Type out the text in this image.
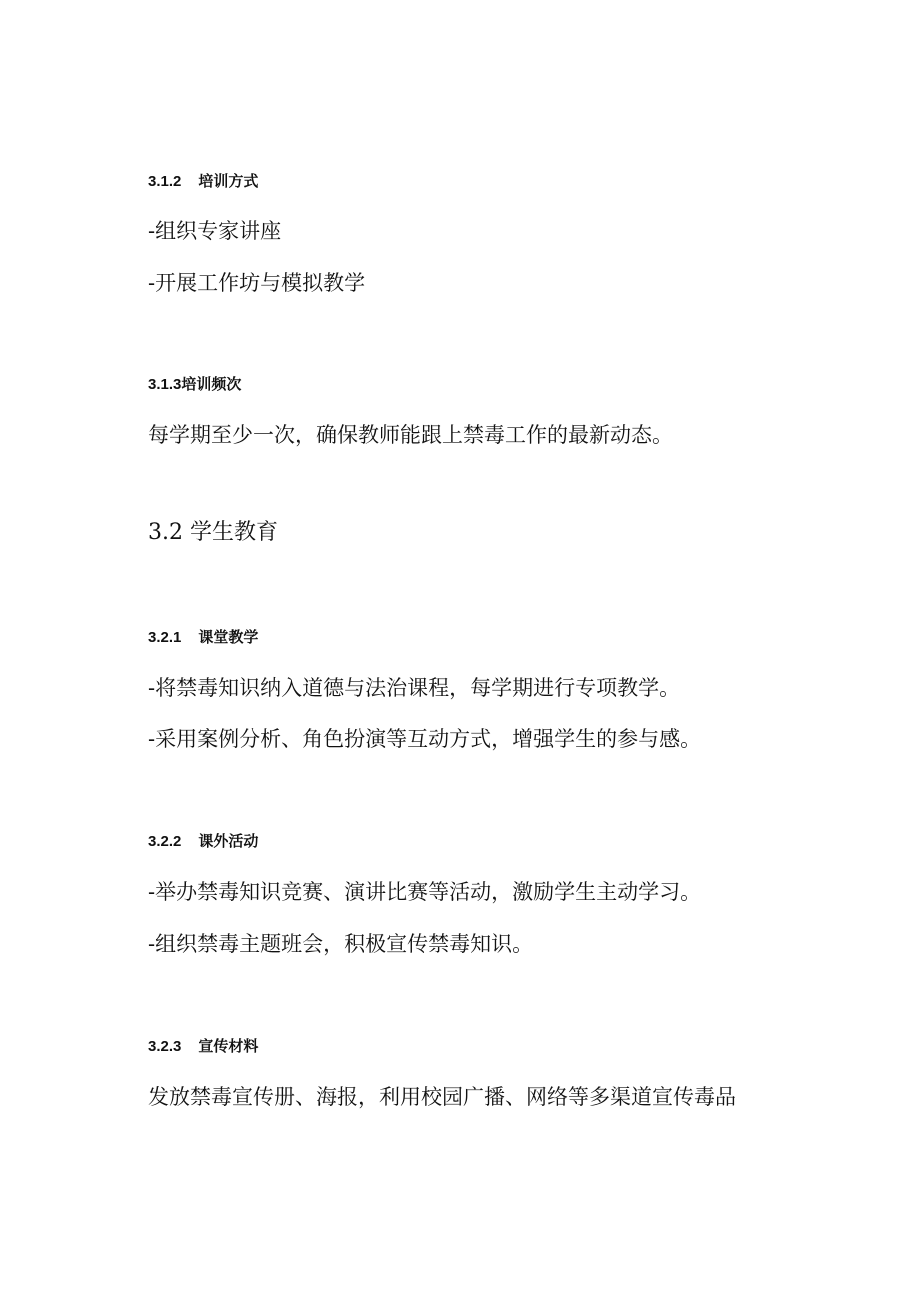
3.1.2 培训方式
-组织专家讲座
-开展工作坊与模拟教学
3.1.3培训频次
每学期至少一次，确保教师能跟上禁毒工作的最新动态。
3.2 学生教育
3.2.1 课堂教学
-将禁毒知识纳入道德与法治课程，每学期进行专项教学。
-采用案例分析、角色扮演等互动方式，增强学生的参与感。
3.2.2 课外活动
-举办禁毒知识竞赛、演讲比赛等活动，激励学生主动学习。
-组织禁毒主题班会，积极宣传禁毒知识。
3.2.3 宣传材料
发放禁毒宣传册、海报，利用校园广播、网络等多渠道宣传毒品
